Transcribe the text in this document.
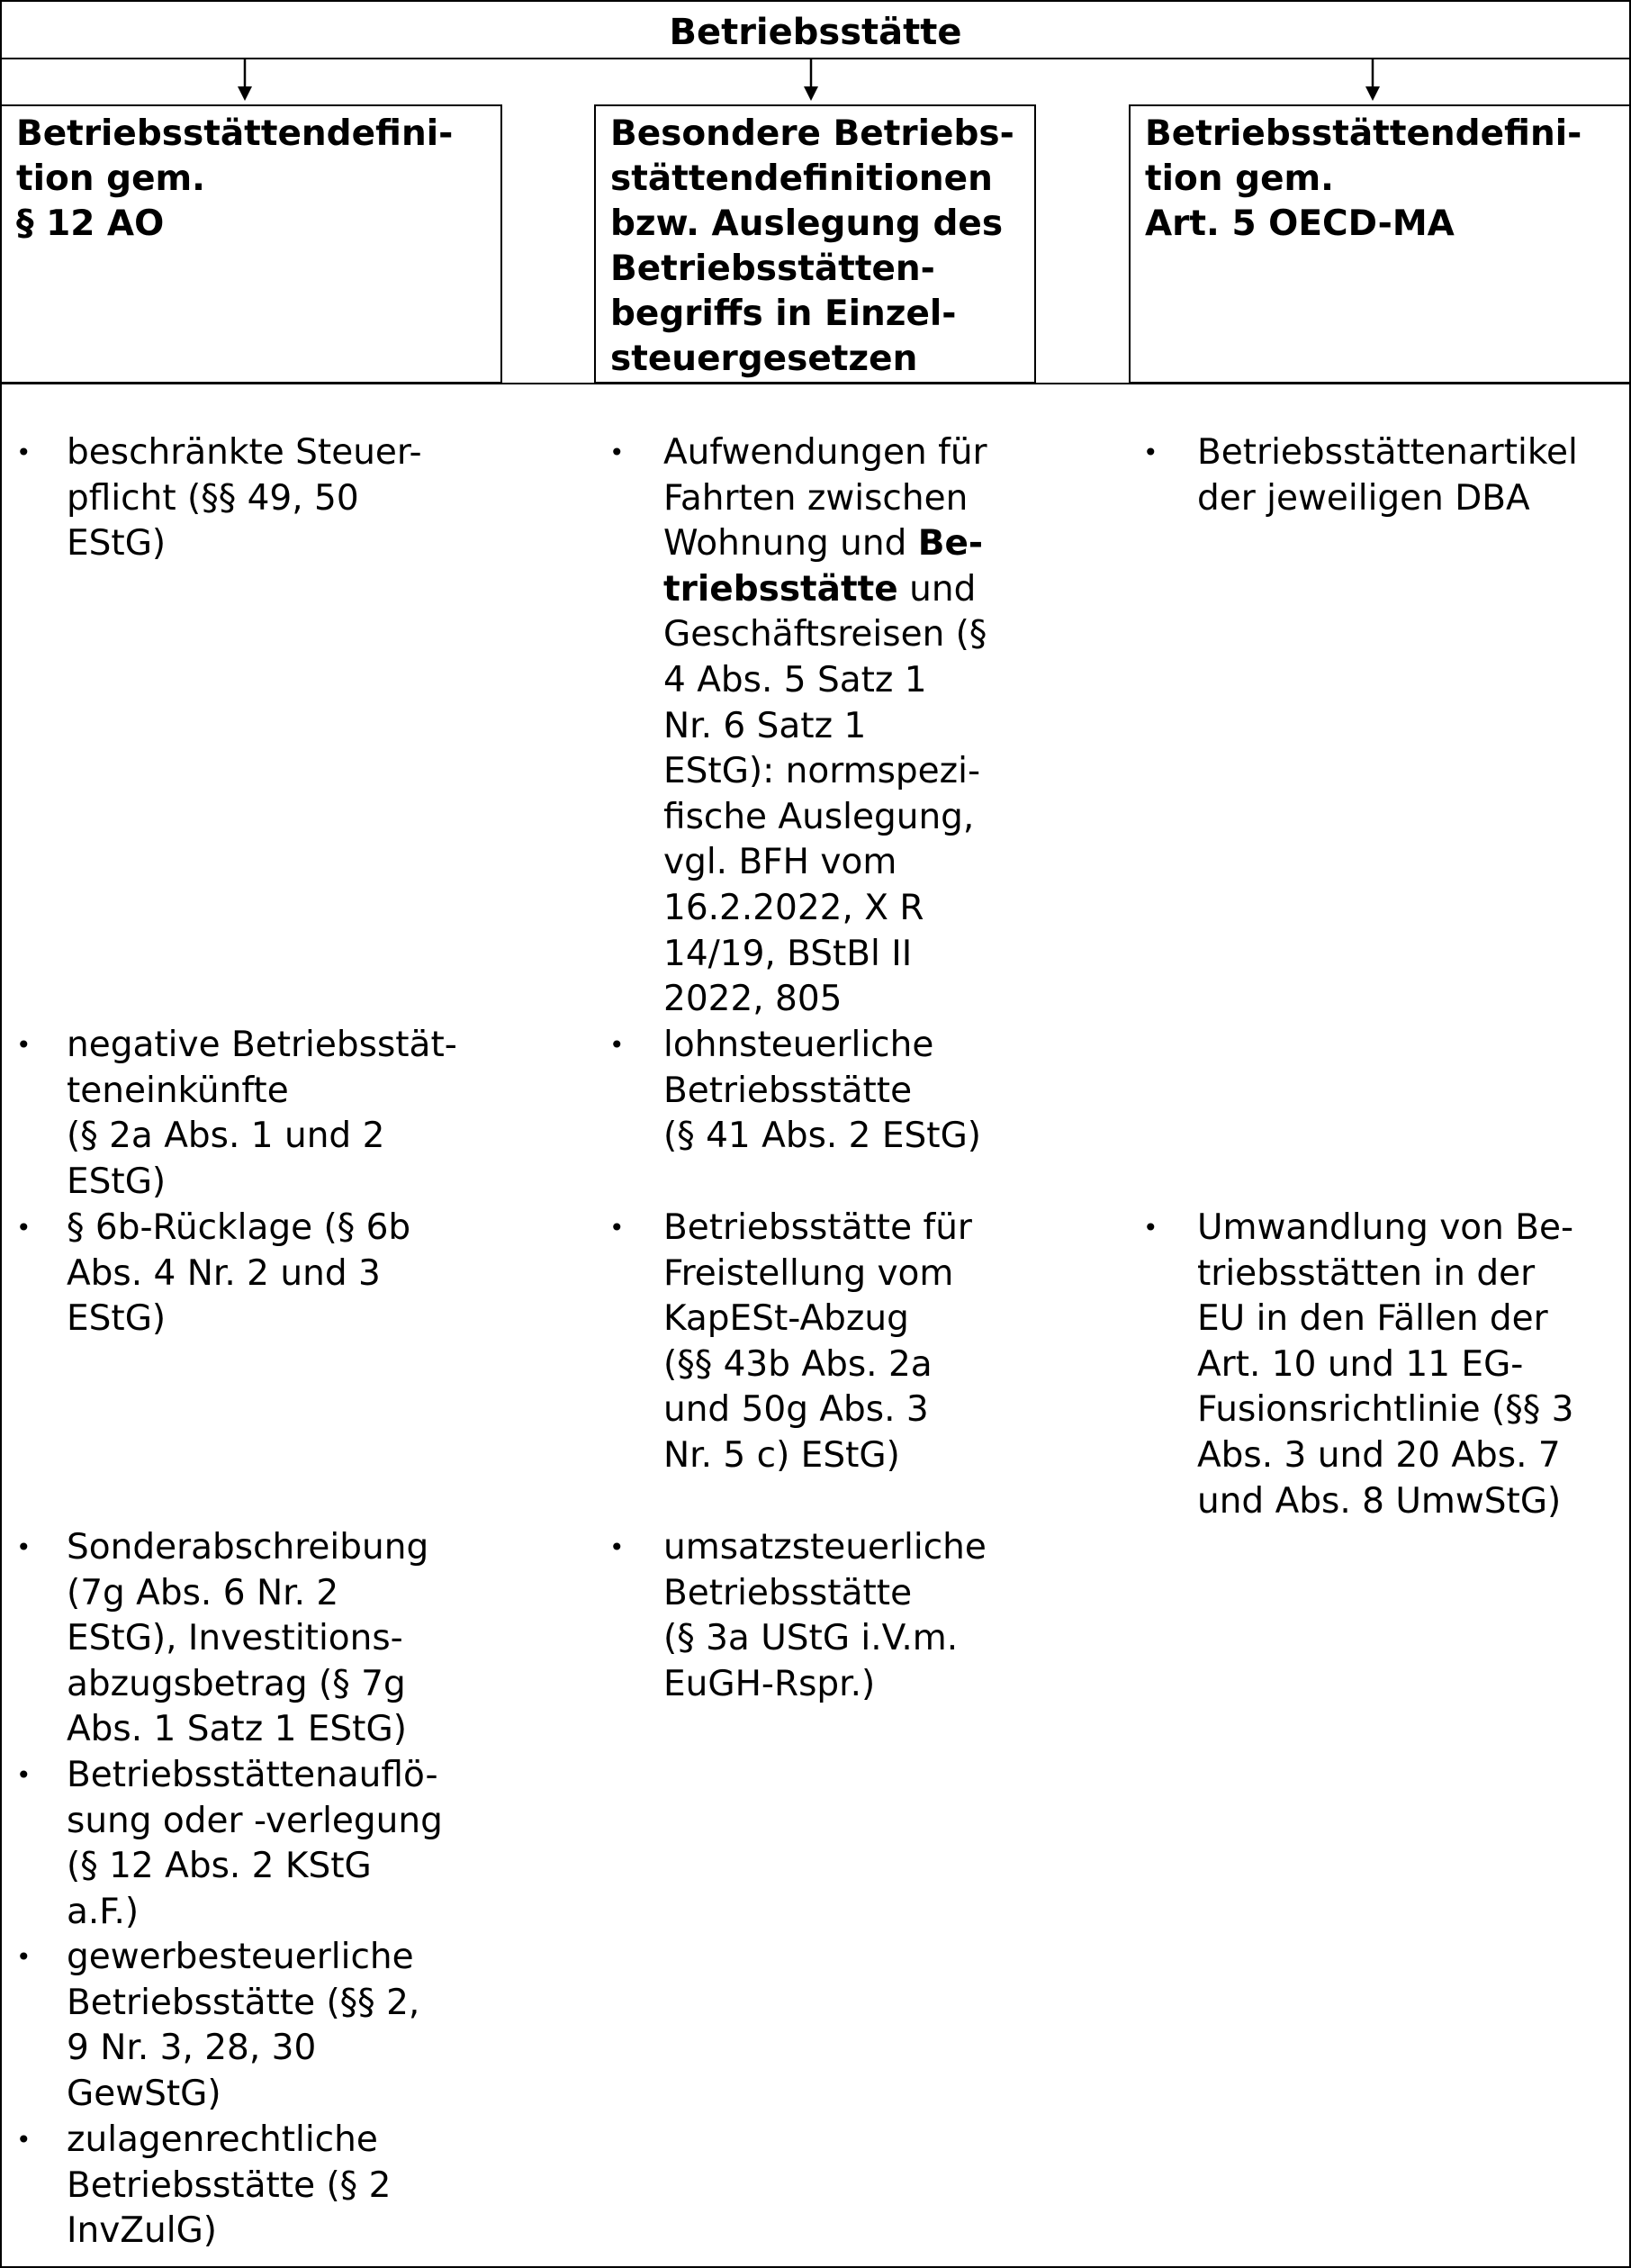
Betriebsstätte
Betriebsstättendefini-
tion gem.
§ 12 AO
Besondere Betriebs-
stättendefinitionen
bzw. Auslegung des
Betriebsstätten-
begriffs in Einzel-
steuergesetzen
Betriebsstättendefini-
tion gem.
Art. 5 OECD-MA
• beschränkte Steuer-
pflicht (§§ 49, 50
EStG)
• negative Betriebsstät-
teneinkünfte
(§ 2a Abs. 1 und 2
EStG)
• § 6b-Rücklage (§ 6b
Abs. 4 Nr. 2 und 3
EStG)
• Sonderabschreibung
(7g Abs. 6 Nr. 2
EStG), Investitions-
abzugsbetrag (§ 7g
Abs. 1 Satz 1 EStG)
• Betriebsstättenauflö-
sung oder -verlegung
(§ 12 Abs. 2 KStG
a.F.)
• gewerbesteuerliche
Betriebsstätte (§§ 2,
9 Nr. 3, 28, 30
GewStG)
• zulagenrechtliche
Betriebsstätte (§ 2
InvZulG)
• Aufwendungen für
Fahrten zwischen
Wohnung und Be-
triebsstätte und
Geschäftsreisen (§
4 Abs. 5 Satz 1
Nr. 6 Satz 1
EStG): normspezi-
fische Auslegung,
vgl. BFH vom
16.2.2022, X R
14/19, BStBl II
2022, 805
• lohnsteuerliche
Betriebsstätte
(§ 41 Abs. 2 EStG)
• Betriebsstätte für
Freistellung vom
KapESt-Abzug
(§§ 43b Abs. 2a
und 50g Abs. 3
Nr. 5 c) EStG)
• umsatzsteuerliche
Betriebsstätte
(§ 3a UStG i.V.m.
EuGH-Rspr.)
• Betriebsstättenartikel
der jeweiligen DBA
• Umwandlung von Be-
triebsstätten in der
EU in den Fällen der
Art. 10 und 11 EG-
Fusionsrichtlinie (§§ 3
Abs. 3 und 20 Abs. 7
und Abs. 8 UmwStG)
